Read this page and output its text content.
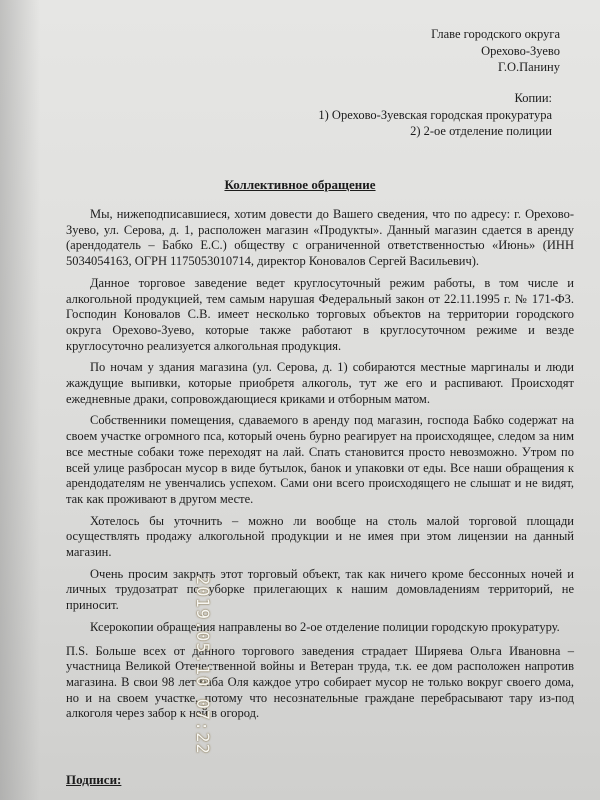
Главе городского округа
Орехово-Зуево
Г.О.Панину
Копии:
1) Орехово-Зуевская городская прокуратура
2) 2-ое отделение полиции
Коллективное обращение

Мы, нижеподписавшиеся, хотим довести до Вашего сведения, что по адресу: г. Орехово-Зуево, ул. Серова, д. 1, расположен магазин «Продукты». Данный магазин сдается в аренду (арендодатель – Бабко Е.С.) обществу с ограниченной ответственностью «Июнь» (ИНН 5034054163, ОГРН 1175053010714, директор Коновалов Сергей Васильевич).

Данное торговое заведение ведет круглосуточный режим работы, в том числе и алкогольной продукцией, тем самым нарушая Федеральный закон от 22.11.1995 г. № 171-ФЗ. Господин Коновалов С.В. имеет несколько торговых объектов на территории городского округа Орехово-Зуево, которые также работают в круглосуточном режиме и везде круглосуточно реализуется алкогольная продукция.

По ночам у здания магазина (ул. Серова, д. 1) собираются местные маргиналы и люди жаждущие выпивки, которые приобретя алкоголь, тут же его и распивают. Происходят ежедневные драки, сопровождающиеся криками и отборным матом.

Собственники помещения, сдаваемого в аренду под магазин, господа Бабко содержат на своем участке огромного пса, который очень бурно реагирует на происходящее, следом за ним все местные собаки тоже переходят на лай. Спать становится просто невозможно. Утром по всей улице разбросан мусор в виде бутылок, банок и упаковки от еды. Все наши обращения к арендодателям не увенчались успехом. Сами они всего происходящего не слышат и не видят, так как проживают в другом месте.

Хотелось бы уточнить – можно ли вообще на столь малой торговой площади осуществлять продажу алкогольной продукции и не имея при этом лицензии на данный магазин.

Очень просим закрыть этот торговый объект, так как ничего кроме бессонных ночей и личных трудозатрат по уборке прилегающих к нашим домовладениям территорий, не приносит.

Ксерокопии обращения направлены во 2-ое отделение полиции городскую прокуратуру.

П.S. Больше всех от данного торгового заведения страдает Ширяева Ольга Ивановна – участница Великой Отечественной войны и Ветеран труда, т.к. ее дом расположен напротив магазина. В свои 98 лет баба Оля каждое утро собирает мусор не только вокруг своего дома, но и на своем участке, потому что несознательные граждане перебрасывают тару из-под алкоголя через забор к ней в огород.

Подписи:
2019.05.10 07:22
